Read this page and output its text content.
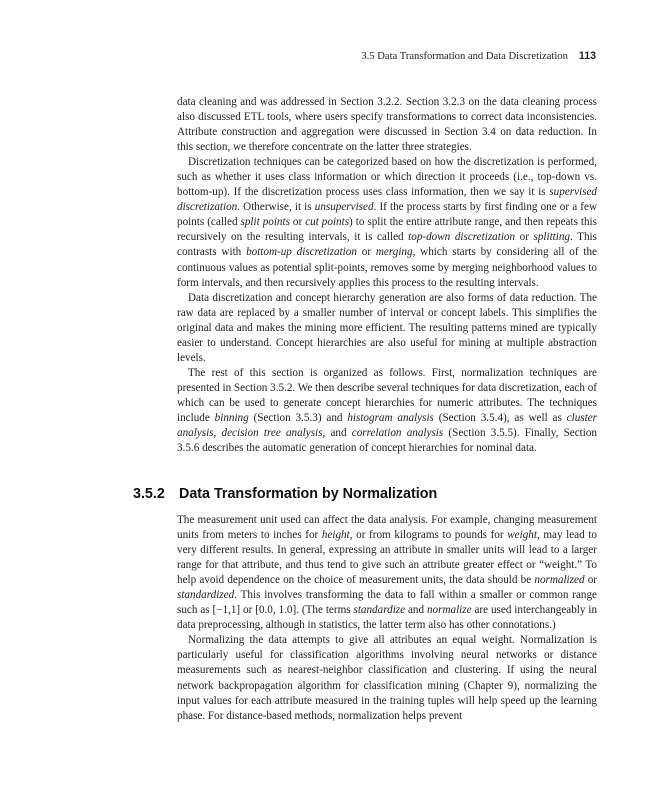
3.5 Data Transformation and Data Discretization 113

data cleaning and was addressed in Section 3.2.2. Section 3.2.3 on the data cleaning process also discussed ETL tools, where users specify transformations to correct data inconsistencies. Attribute construction and aggregation were discussed in Section 3.4 on data reduction. In this section, we therefore concentrate on the latter three strategies.

Discretization techniques can be categorized based on how the discretization is performed, such as whether it uses class information or which direction it proceeds (i.e., top-down vs. bottom-up). If the discretization process uses class information, then we say it is supervised discretization. Otherwise, it is unsupervised. If the process starts by first finding one or a few points (called split points or cut points) to split the entire attribute range, and then repeats this recursively on the resulting intervals, it is called top-down discretization or splitting. This contrasts with bottom-up discretization or merging, which starts by considering all of the continuous values as potential split-points, removes some by merging neighborhood values to form intervals, and then recursively applies this process to the resulting intervals.

Data discretization and concept hierarchy generation are also forms of data reduction. The raw data are replaced by a smaller number of interval or concept labels. This simplifies the original data and makes the mining more efficient. The resulting patterns mined are typically easier to understand. Concept hierarchies are also useful for mining at multiple abstraction levels.

The rest of this section is organized as follows. First, normalization techniques are presented in Section 3.5.2. We then describe several techniques for data discretization, each of which can be used to generate concept hierarchies for numeric attributes. The techniques include binning (Section 3.5.3) and histogram analysis (Section 3.5.4), as well as cluster analysis, decision tree analysis, and correlation analysis (Section 3.5.5). Finally, Section 3.5.6 describes the automatic generation of concept hierarchies for nominal data.

3.5.2 Data Transformation by Normalization

The measurement unit used can affect the data analysis. For example, changing measurement units from meters to inches for height, or from kilograms to pounds for weight, may lead to very different results. In general, expressing an attribute in smaller units will lead to a larger range for that attribute, and thus tend to give such an attribute greater effect or “weight.” To help avoid dependence on the choice of measurement units, the data should be normalized or standardized. This involves transforming the data to fall within a smaller or common range such as [−1,1] or [0.0, 1.0]. (The terms standardize and normalize are used interchangeably in data preprocessing, although in statistics, the latter term also has other connotations.)

Normalizing the data attempts to give all attributes an equal weight. Normalization is particularly useful for classification algorithms involving neural networks or distance measurements such as nearest-neighbor classification and clustering. If using the neural network backpropagation algorithm for classification mining (Chapter 9), normalizing the input values for each attribute measured in the training tuples will help speed up the learning phase. For distance-based methods, normalization helps prevent
